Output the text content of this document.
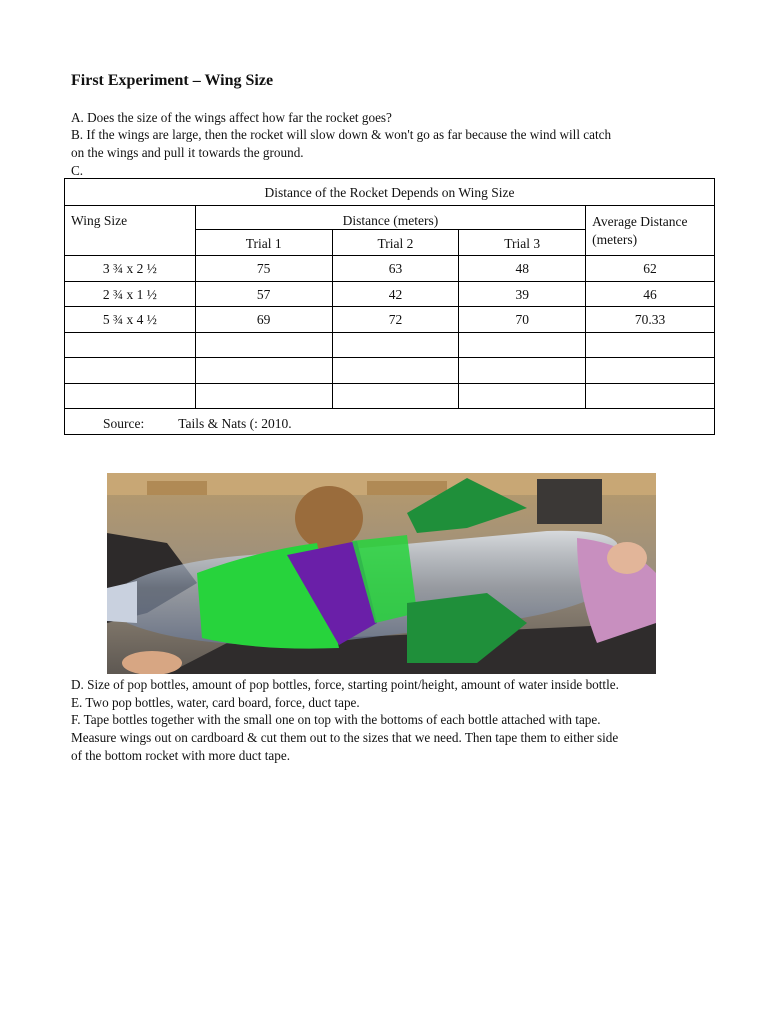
First Experiment – Wing Size
A. Does the size of the wings affect how far the rocket goes?
B. If the wings are large, then the rocket will slow down & won't go as far because the wind will catch
on the wings and pull it towards the ground.
C.
Distance of the Rocket Depends on Wing Size				
Wing Size	Distance (meters)			Average Distance
(meters)

	Trial 1	Trial 2	Trial 3	
3 ¾ x 2 ½	75	63	48	62
2 ¾ x 1 ½	57	42	39	46
5 ¾ x 4 ½	69	72	70	70.33

Source: Tails & Nats (: 2010.				
D. Size of pop bottles, amount of pop bottles, force, starting point/height, amount of water inside bottle.
E. Two pop bottles, water, card board, force, duct tape.
F. Tape bottles together with the small one on top with the bottoms of each bottle attached with tape.
Measure wings out on cardboard & cut them out to the sizes that we need. Then tape them to either side
of the bottom rocket with more duct tape.
